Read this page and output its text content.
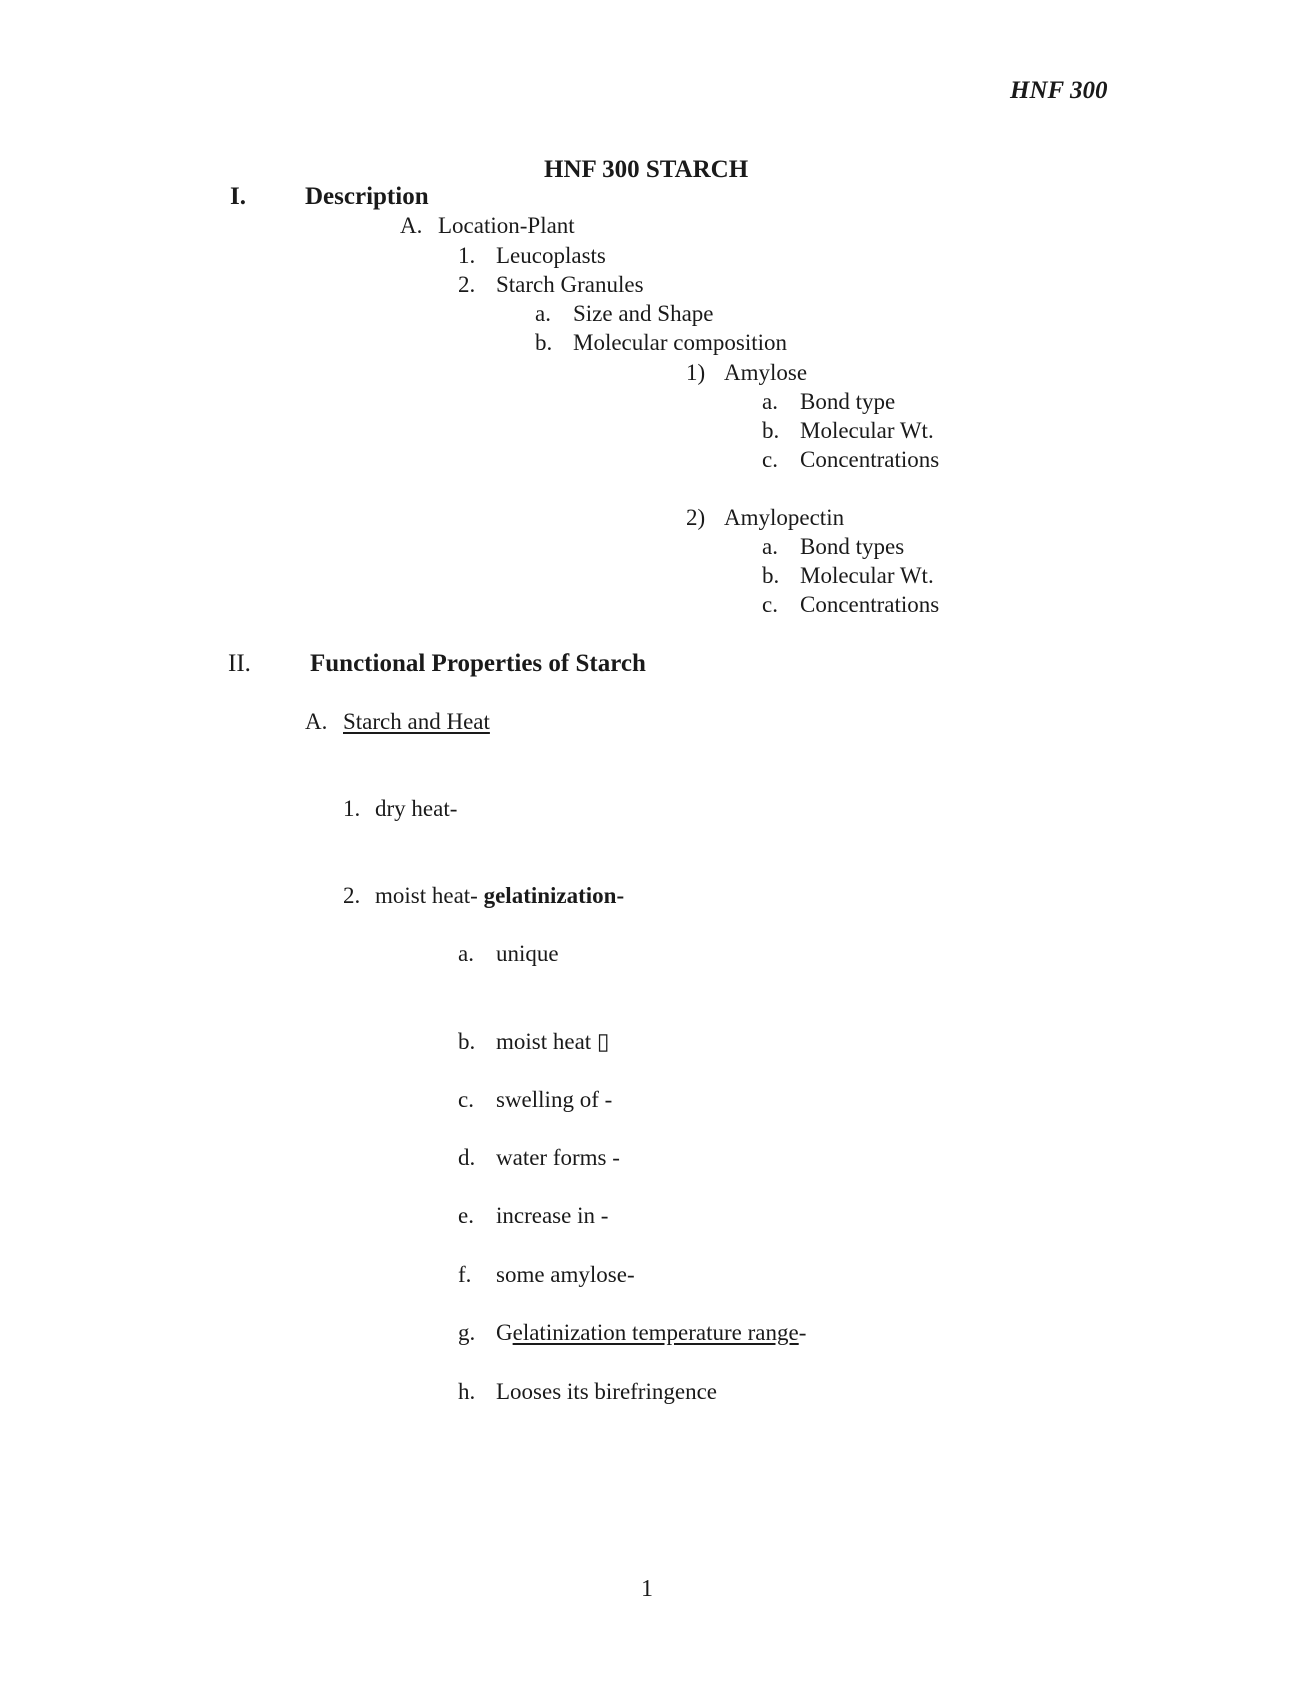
HNF 300
HNF 300 STARCH
I. Description
A. Location-Plant
1. Leucoplasts
2. Starch Granules
a. Size and Shape
b. Molecular composition
1) Amylose
a. Bond type
b. Molecular Wt.
c. Concentrations
2) Amylopectin
a. Bond types
b. Molecular Wt.
c. Concentrations
II. Functional Properties of Starch
A. Starch and Heat
1. dry heat-
2. moist heat- gelatinization-
a. unique
b. moist heat ▯
c. swelling of -
d. water forms -
e. increase in -
f. some amylose-
g. Gelatinization temperature range-
h. Looses its birefringence
1
